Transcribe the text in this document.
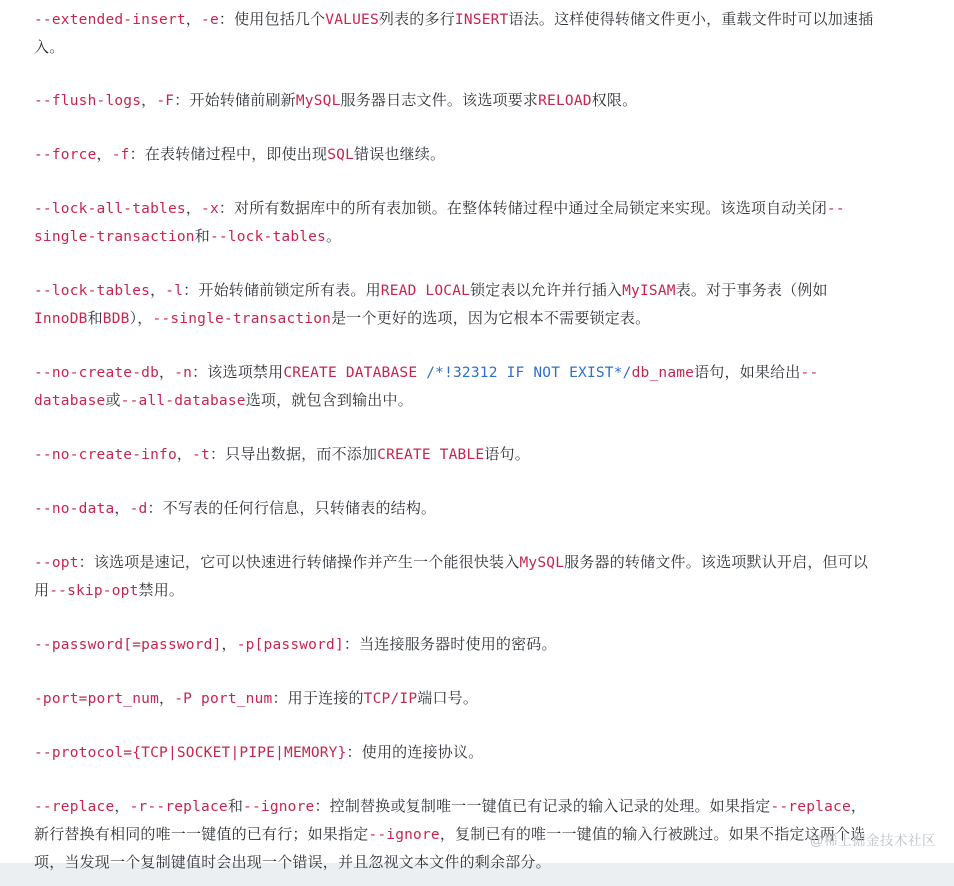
--extended-insert，-e：使用包括几个VALUES列表的多行INSERT语法。这样使得转储文件更小，重载文件时可以加速插入。
--flush-logs，-F：开始转储前刷新MySQL服务器日志文件。该选项要求RELOAD权限。
--force，-f：在表转储过程中，即使出现SQL错误也继续。
--lock-all-tables，-x：对所有数据库中的所有表加锁。在整体转储过程中通过全局锁定来实现。该选项自动关闭--single-transaction和--lock-tables。
--lock-tables，-l：开始转储前锁定所有表。用READ LOCAL锁定表以允许并行插入MyISAM表。对于事务表（例如InnoDB和BDB），--single-transaction是一个更好的选项，因为它根本不需要锁定表。
--no-create-db，-n：该选项禁用CREATE DATABASE /*!32312 IF NOT EXIST*/db_name语句，如果给出--database或--all-database选项，就包含到输出中。
--no-create-info，-t：只导出数据，而不添加CREATE TABLE语句。
--no-data，-d：不写表的任何行信息，只转储表的结构。
--opt：该选项是速记，它可以快速进行转储操作并产生一个能很快装入MySQL服务器的转储文件。该选项默认开启，但可以用--skip-opt禁用。
--password[=password]，-p[password]：当连接服务器时使用的密码。
-port=port_num，-P port_num：用于连接的TCP/IP端口号。
--protocol={TCP|SOCKET|PIPE|MEMORY}：使用的连接协议。
--replace，-r--replace和--ignore：控制替换或复制唯一一键值已有记录的输入记录的处理。如果指定--replace，新行替换有相同的唯一一键值的已有行；如果指定--ignore，复制已有的唯一一键值的输入行被跳过。如果不指定这两个选项，当发现一个复制键值时会出现一个错误，并且忽视文本文件的剩余部分。
@稀土掘金技术社区
